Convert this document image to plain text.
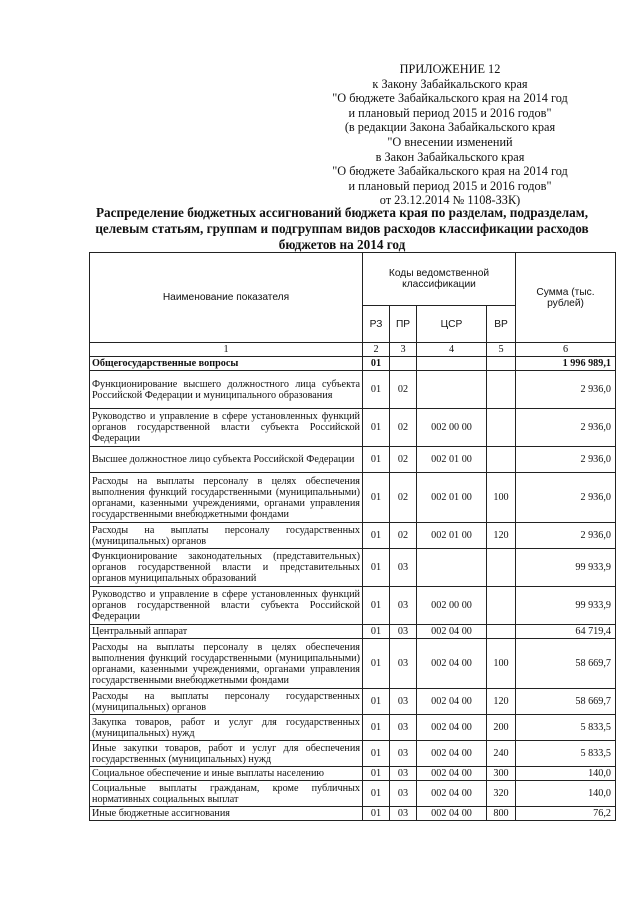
ПРИЛОЖЕНИЕ 12
к Закону Забайкальского края
"О бюджете Забайкальского края на 2014 год
и плановый период 2015 и 2016 годов"
(в редакции Закона Забайкальского края
"О внесении изменений
в Закон Забайкальского края
"О бюджете Забайкальского края на 2014 год
и плановый период 2015 и 2016 годов"
от 23.12.2014 № 1108-ЗЗК)
Распределение бюджетных ассигнований бюджета края по разделам, подразделам, целевым статьям, группам и подгруппам видов расходов классификации расходов бюджетов на 2014 год
Наименование показателя	Коды ведомственной классификации				Сумма (тыс. рублей)
	РЗ	ПР	ЦСР	ВР	
1	2	3	4	5	6
Общегосударственные вопросы	01				1 996 989,1
Функционирование высшего должностного лица субъекта Российской Федерации и муниципального образования	01	02			2 936,0
Руководство и управление в сфере установленных функций органов государственной власти субъекта Российской Федерации	01	02	002 00 00		2 936,0
Высшее должностное лицо субъекта Российской Федерации	01	02	002 01 00		2 936,0
Расходы на выплаты персоналу в целях обеспечения выполнения функций государственными (муниципальными) органами, казенными учреждениями, органами управления государственными внебюджетными фондами	01	02	002 01 00	100	2 936,0
Расходы на выплаты персоналу государственных (муниципальных) органов	01	02	002 01 00	120	2 936,0
Функционирование законодательных (представительных) органов государственной власти и представительных органов муниципальных образований	01	03			99 933,9
Руководство и управление в сфере установленных функций органов государственной власти субъекта Российской Федерации	01	03	002 00 00		99 933,9
Центральный аппарат	01	03	002 04 00		64 719,4
Расходы на выплаты персоналу в целях обеспечения выполнения функций государственными (муниципальными) органами, казенными учреждениями, органами управления государственными внебюджетными фондами	01	03	002 04 00	100	58 669,7
Расходы на выплаты персоналу государственных (муниципальных) органов	01	03	002 04 00	120	58 669,7
Закупка товаров, работ и услуг для государственных (муниципальных) нужд	01	03	002 04 00	200	5 833,5
Иные закупки товаров, работ и услуг для обеспечения государственных (муниципальных) нужд	01	03	002 04 00	240	5 833,5
Социальное обеспечение и иные выплаты населению	01	03	002 04 00	300	140,0
Социальные выплаты гражданам, кроме публичных нормативных социальных выплат	01	03	002 04 00	320	140,0
Иные бюджетные ассигнования	01	03	002 04 00	800	76,2
